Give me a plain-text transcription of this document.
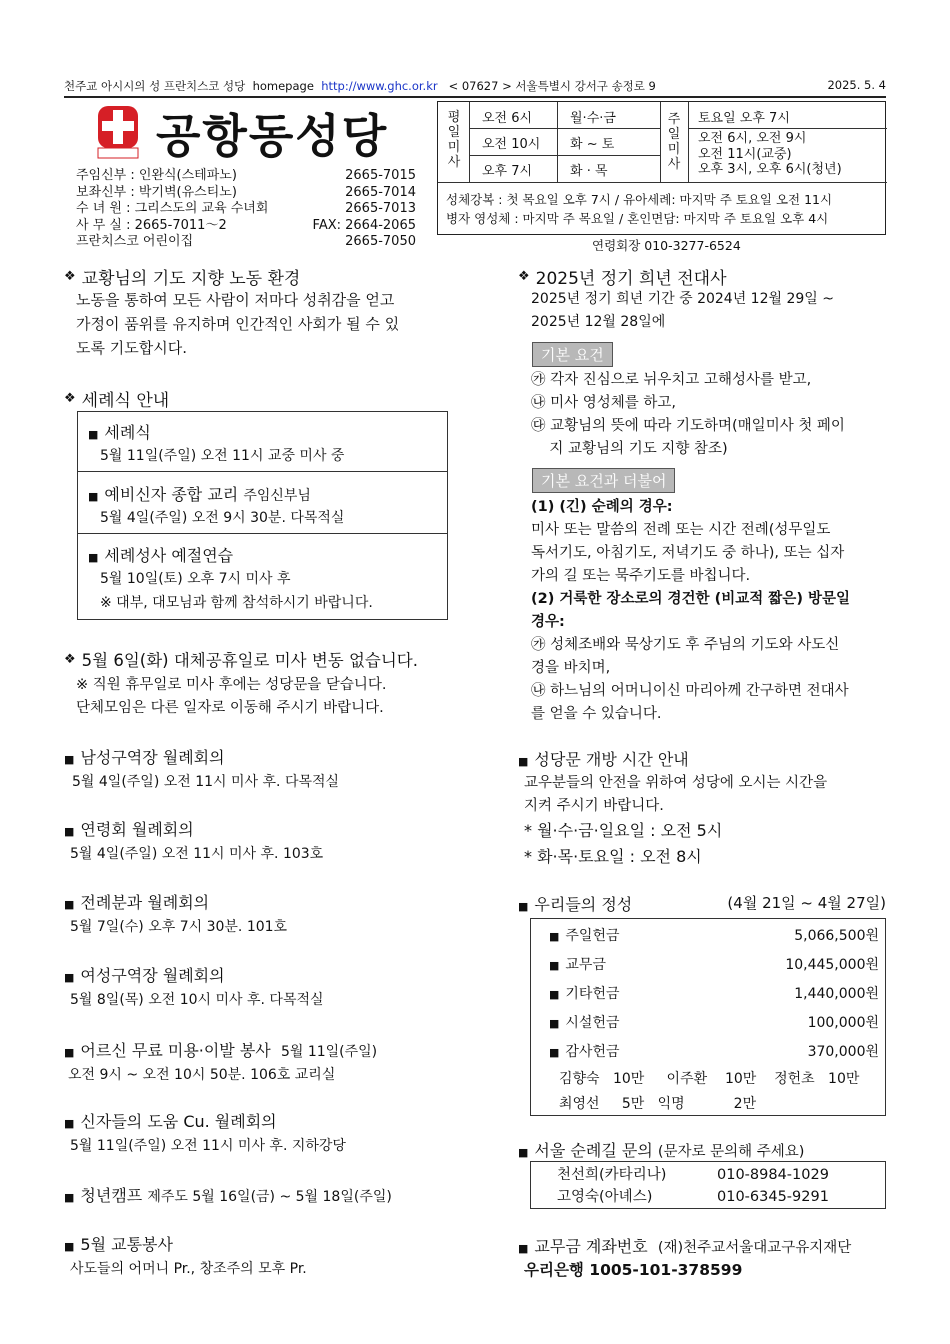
천주교 아시시의 성 프란치스코 성당 homepage http://www.ghc.or.kr < 07627 > 서울특별시 강서구 송정로 9	2025. 5. 4
공항동성당
주임신부 : 인완식(스테파노)	2665-7015
보좌신부 : 박기벽(유스티노)	2665-7014
수 녀 원 : 그리스도의 교육 수녀회	2665-7013
사 무 실 : 2665-7011～2	FAX: 2664-2065
프란치스코 어린이집	2665-7050
평
일
미
사
오전 6시	월·수·금
오전 10시 화 ~ 토
오후 7시	화 · 목
주
일
미
사
토요일 오후 7시
오전 6시, 오전 9시
오전 11시(교중)
오후 3시, 오후 6시(청년)
성체강복 : 첫 목요일 오후 7시 / 유아세례: 마지막 주 토요일 오전 11시
병자 영성체 : 마지막 주 목요일 / 혼인면담: 마지막 주 토요일 오후 4시
연령회장 010-3277-6524
❖ 교황님의 기도 지향 노동 환경
노동을 통하여 모든 사람이 저마다 성취감을 얻고
가정이 품위를 유지하며 인간적인 사회가 될 수 있
도록 기도합시다.
❖ 세례식 안내
■ 세례식
5월 11일(주일) 오전 11시 교중 미사 중
■ 예비신자 종합 교리 주임신부님
5월 4일(주일) 오전 9시 30분. 다목적실
■ 세례성사 예절연습
5월 10일(토) 오후 7시 미사 후
※ 대부, 대모님과 함께 참석하시기 바랍니다.
❖ 5월 6일(화) 대체공휴일로 미사 변동 없습니다.
※ 직원 휴무일로 미사 후에는 성당문을 닫습니다.
단체모임은 다른 일자로 이동해 주시기 바랍니다.
■ 남성구역장 월례회의
5월 4일(주일) 오전 11시 미사 후. 다목적실
■ 연령회 월례회의
5월 4일(주일) 오전 11시 미사 후. 103호
■ 전례분과 월례회의
5월 7일(수) 오후 7시 30분. 101호
■ 여성구역장 월례회의
5월 8일(목) 오전 10시 미사 후. 다목적실
■ 어르신 무료 미용·이발 봉사 5월 11일(주일)
오전 9시 ~ 오전 10시 50분. 106호 교리실
■ 신자들의 도움 Cu. 월례회의
5월 11일(주일) 오전 11시 미사 후. 지하강당
■ 청년캠프 제주도 5월 16일(금) ~ 5월 18일(주일)
■ 5월 교통봉사
사도들의 어머니 Pr., 창조주의 모후 Pr.
❖ 2025년 정기 희년 전대사
2025년 정기 희년 기간 중 2024년 12월 29일 ~
2025년 12월 28일에
기본 요건
㉮ 각자 진심으로 뉘우치고 고해성사를 받고,
㉯ 미사 영성체를 하고,
㉰ 교황님의 뜻에 따라 기도하며(매일미사 첫 페이
지 교황님의 기도 지향 참조)
기본 요건과 더불어
(1) (긴) 순례의 경우:
미사 또는 말씀의 전례 또는 시간 전례(성무일도
독서기도, 아침기도, 저녁기도 중 하나), 또는 십자
가의 길 또는 묵주기도를 바칩니다.
(2) 거룩한 장소로의 경건한 (비교적 짧은) 방문일
경우:
㉮ 성체조배와 묵상기도 후 주님의 기도와 사도신
경을 바치며,
㉯ 하느님의 어머니이신 마리아께 간구하면 전대사
를 얻을 수 있습니다.
■ 성당문 개방 시간 안내
교우분들의 안전을 위하여 성당에 오시는 시간을
지켜 주시기 바랍니다.
* 월·수·금·일요일 : 오전 5시
* 화·목·토요일 : 오전 8시
■ 우리들의 정성	(4월 21일 ~ 4월 27일)
■ 주일헌금	5,066,500원
■ 교무금	10,445,000원
■ 기타헌금	1,440,000원
■ 시설헌금	100,000원
■ 감사헌금	370,000원
김향숙 10만 이주환 10만 정헌초 10만
최영선 5만 익명	2만
■ 서울 순례길 문의 (문자로 문의해 주세요)
천선희(카타리나)	010-8984-1029
고영숙(아녜스)	010-6345-9291
■ 교무금 계좌번호 (재)천주교서울대교구유지재단
우리은행 1005-101-378599
